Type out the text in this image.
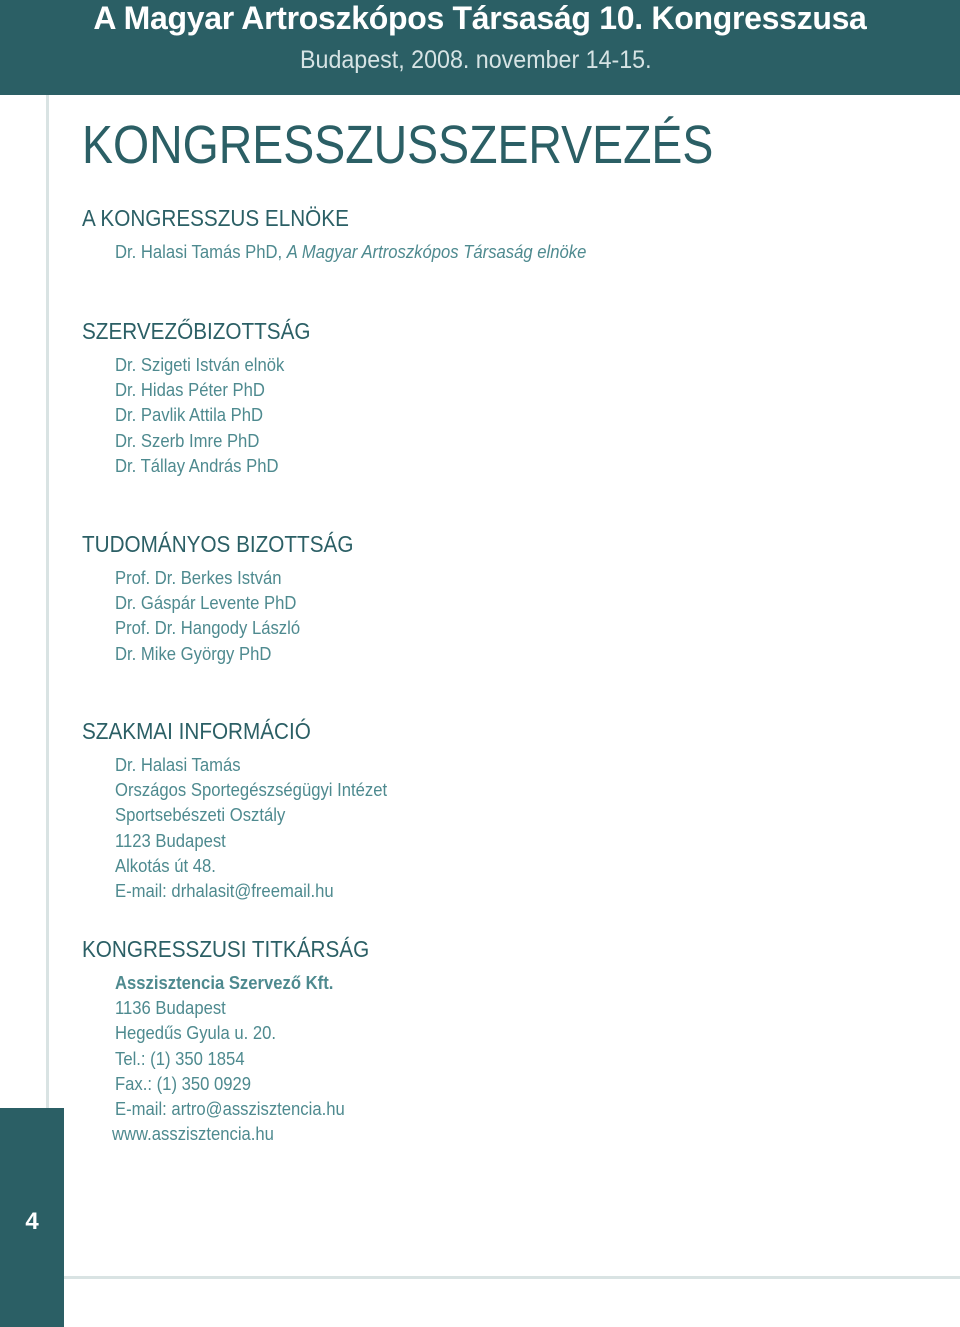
A Magyar Artroszkópos Társaság 10. Kongresszusa
Budapest, 2008. november 14-15.
KONGRESSZUSSZERVEZÉS
A KONGRESSZUS ELNÖKE
Dr. Halasi Tamás PhD, A Magyar Artroszkópos Társaság elnöke
SZERVEZŐBIZOTTSÁG
Dr. Szigeti István elnök
Dr. Hidas Péter PhD
Dr. Pavlik Attila PhD
Dr. Szerb Imre PhD
Dr. Tállay András PhD
TUDOMÁNYOS BIZOTTSÁG
Prof. Dr. Berkes István
Dr. Gáspár Levente PhD
Prof. Dr. Hangody László
Dr. Mike György PhD
SZAKMAI INFORMÁCIÓ
Dr. Halasi Tamás
Országos Sportegészségügyi Intézet
Sportsebészeti Osztály
1123 Budapest
Alkotás út 48.
E-mail: drhalasit@freemail.hu
KONGRESSZUSI TITKÁRSÁG
Asszisztencia Szervező Kft.
1136 Budapest
Hegedűs Gyula u. 20.
Tel.: (1) 350 1854
Fax.: (1) 350 0929
E-mail: artro@asszisztencia.hu
www.asszisztencia.hu
4
